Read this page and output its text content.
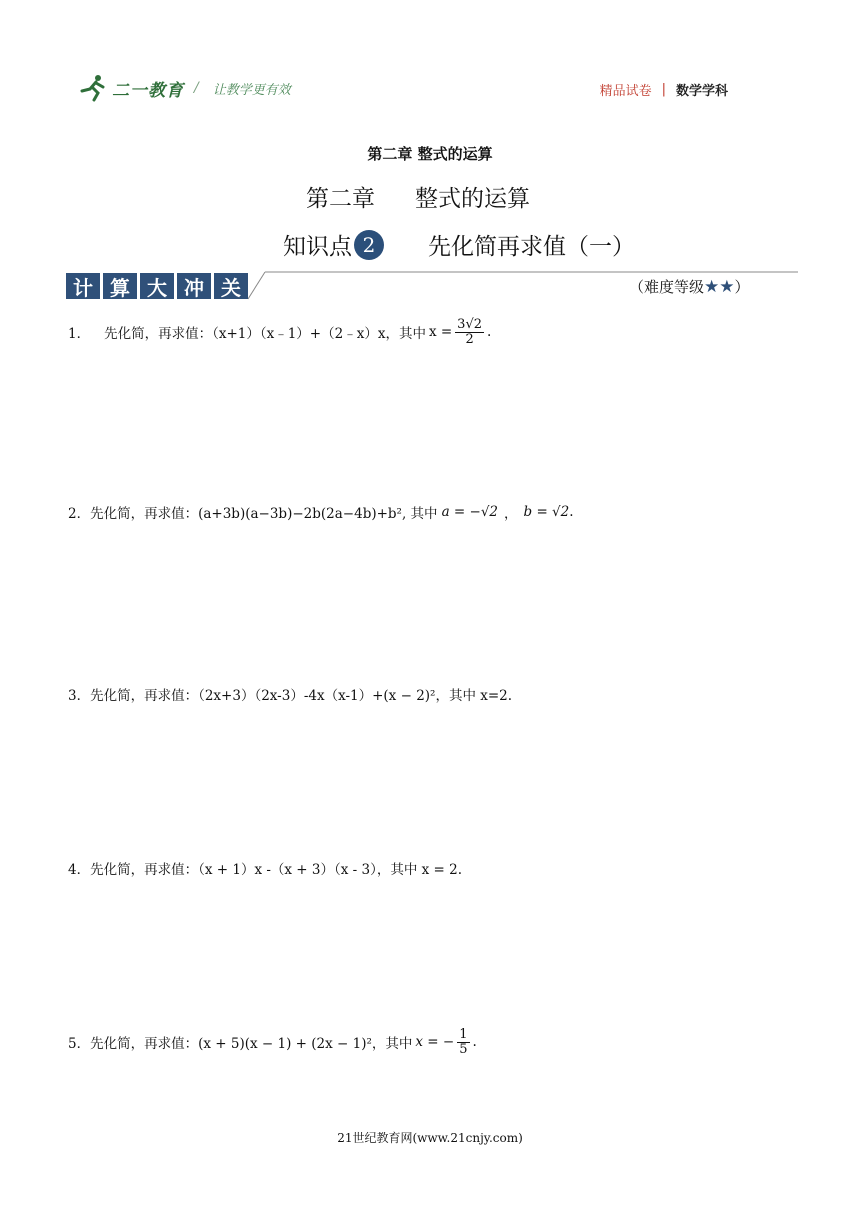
二一教育 / 让教学更有效	精品试卷 | 数学学科
第二章 整式的运算
第二章 整式的运算
知识点 2	先化简再求值（一）
计 算 大 冲 关	（难度等级 ★★ ）
1． 先化简，再求值：（x+1）（x﹣1）+（2﹣x）x，其中 $x = \frac{3√2}{2}$ .
2． 先化简，再求值：(a+3b)(a−3b)−2b(2a−4b)+b², 其中 a = −√2 ， b = √2 .
3． 先化简，再求值：（2x+3）（2x-3）-4x（x-1）+(x − 2)²，其中 x=2.
4． 先化简，再求值：（x + 1）x -（x + 3）（x - 3），其中 x = 2.
5． 先化简，再求值：(x + 5)(x − 1) + (2x − 1)²，其中 x = − $\frac{1}{5}$ .
21世纪教育网(www.21cnjy.com)
